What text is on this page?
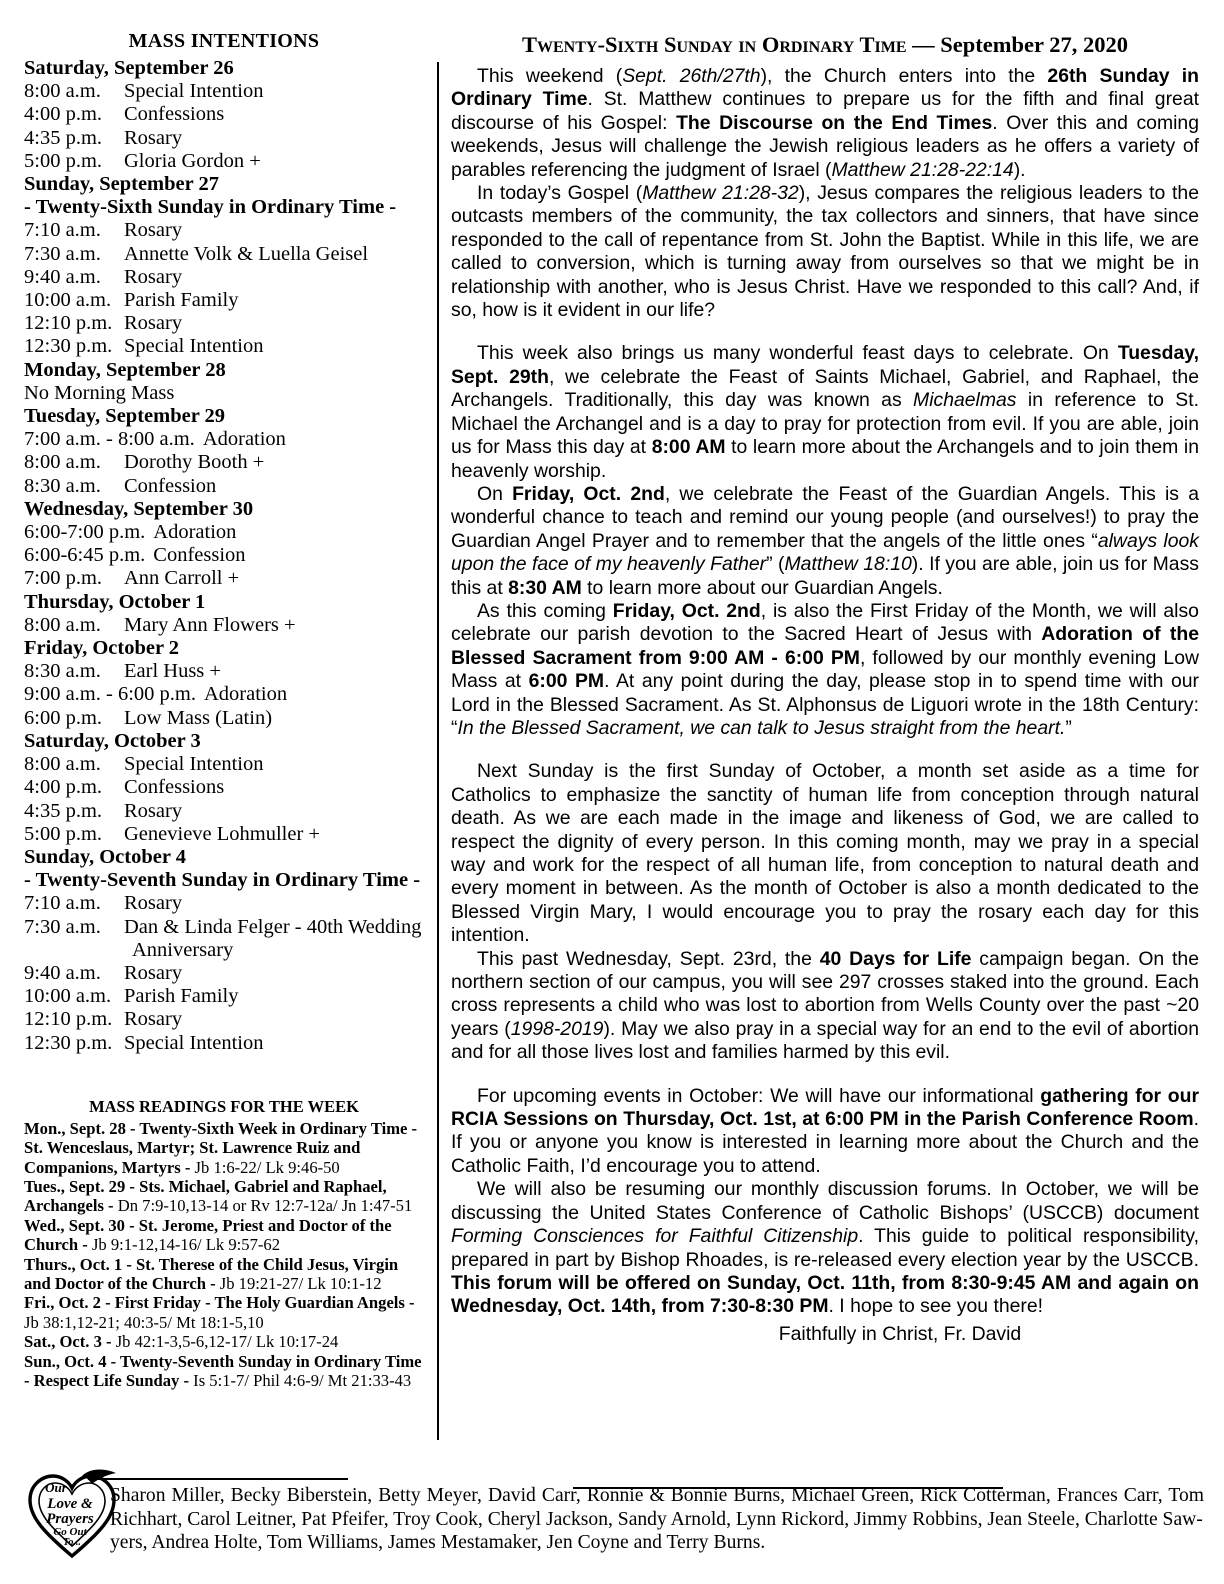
MASS INTENTIONS
Saturday, September 26
8:00 a.m. Special Intention
4:00 p.m. Confessions
4:35 p.m. Rosary
5:00 p.m. Gloria Gordon +
Sunday, September 27
- Twenty-Sixth Sunday in Ordinary Time -
7:10 a.m. Rosary
7:30 a.m. Annette Volk & Luella Geisel
9:40 a.m. Rosary
10:00 a.m. Parish Family
12:10 p.m. Rosary
12:30 p.m. Special Intention
Monday, September 28
No Morning Mass
Tuesday, September 29
7:00 a.m. - 8:00 a.m. Adoration
8:00 a.m. Dorothy Booth +
8:30 a.m. Confession
Wednesday, September 30
6:00-7:00 p.m. Adoration
6:00-6:45 p.m. Confession
7:00 p.m. Ann Carroll +
Thursday, October 1
8:00 a.m. Mary Ann Flowers +
Friday, October 2
8:30 a.m. Earl Huss +
9:00 a.m. - 6:00 p.m. Adoration
6:00 p.m. Low Mass (Latin)
Saturday, October 3
8:00 a.m. Special Intention
4:00 p.m. Confessions
4:35 p.m. Rosary
5:00 p.m. Genevieve Lohmuller +
Sunday, October 4
- Twenty-Seventh Sunday in Ordinary Time -
7:10 a.m. Rosary
7:30 a.m. Dan & Linda Felger - 40th Wedding
Anniversary
9:40 a.m. Rosary
10:00 a.m. Parish Family
12:10 p.m. Rosary
12:30 p.m. Special Intention
MASS READINGS FOR THE WEEK

Mon., Sept. 28 - Twenty-Sixth Week in Ordinary Time - St. Wenceslaus, Martyr; St. Lawrence Ruiz and Companions, Martyrs - Jb 1:6-22/ Lk 9:46-50

Tues., Sept. 29 - Sts. Michael, Gabriel and Raphael, Archangels - Dn 7:9-10,13-14 or Rv 12:7-12a/ Jn 1:47-51

Wed., Sept. 30 - St. Jerome, Priest and Doctor of the Church - Jb 9:1-12,14-16/ Lk 9:57-62

Thurs., Oct. 1 - St. Therese of the Child Jesus, Virgin and Doctor of the Church - Jb 19:21-27/ Lk 10:1-12

Fri., Oct. 2 - First Friday - The Holy Guardian Angels - Jb 38:1,12-21; 40:3-5/ Mt 18:1-5,10

Sat., Oct. 3 - Jb 42:1-3,5-6,12-17/ Lk 10:17-24

Sun., Oct. 4 - Twenty-Seventh Sunday in Ordinary Time - Respect Life Sunday - Is 5:1-7/ Phil 4:6-9/ Mt 21:33-43

Twenty-Sixth Sunday in Ordinary Time — September 27, 2020

This weekend (Sept. 26th/27th), the Church enters into the 26th Sunday in Ordinary Time. St. Matthew continues to prepare us for the fifth and final great discourse of his Gospel: The Discourse on the End Times. Over this and coming weekends, Jesus will challenge the Jewish religious leaders as he offers a variety of parables referencing the judgment of Israel (Matthew 21:28-22:14).

In today’s Gospel (Matthew 21:28-32), Jesus compares the religious leaders to the outcasts members of the community, the tax collectors and sinners, that have since responded to the call of repentance from St. John the Baptist. While in this life, we are called to conversion, which is turning away from ourselves so that we might be in relationship with another, who is Jesus Christ. Have we responded to this call? And, if so, how is it evident in our life?

This week also brings us many wonderful feast days to celebrate. On Tuesday, Sept. 29th, we celebrate the Feast of Saints Michael, Gabriel, and Raphael, the Archangels. Traditionally, this day was known as Michaelmas in reference to St. Michael the Archangel and is a day to pray for protection from evil. If you are able, join us for Mass this day at 8:00 AM to learn more about the Archangels and to join them in heavenly worship.

On Friday, Oct. 2nd, we celebrate the Feast of the Guardian Angels. This is a wonderful chance to teach and remind our young people (and ourselves!) to pray the Guardian Angel Prayer and to remember that the angels of the little ones “always look upon the face of my heavenly Father” (Matthew 18:10). If you are able, join us for Mass this at 8:30 AM to learn more about our Guardian Angels.

As this coming Friday, Oct. 2nd, is also the First Friday of the Month, we will also celebrate our parish devotion to the Sacred Heart of Jesus with Adoration of the Blessed Sacrament from 9:00 AM - 6:00 PM, followed by our monthly evening Low Mass at 6:00 PM. At any point during the day, please stop in to spend time with our Lord in the Blessed Sacrament. As St. Alphonsus de Liguori wrote in the 18th Century: “In the Blessed Sacrament, we can talk to Jesus straight from the heart.”

Next Sunday is the first Sunday of October, a month set aside as a time for Catholics to emphasize the sanctity of human life from conception through natural death. As we are each made in the image and likeness of God, we are called to respect the dignity of every person. In this coming month, may we pray in a special way and work for the respect of all human life, from conception to natural death and every moment in between. As the month of October is also a month dedicated to the Blessed Virgin Mary, I would encourage you to pray the rosary each day for this intention.

This past Wednesday, Sept. 23rd, the 40 Days for Life campaign began. On the northern section of our campus, you will see 297 crosses staked into the ground. Each cross represents a child who was lost to abortion from Wells County over the past ~20 years (1998-2019). May we also pray in a special way for an end to the evil of abortion and for all those lives lost and families harmed by this evil.

For upcoming events in October: We will have our informational gathering for our RCIA Sessions on Thursday, Oct. 1st, at 6:00 PM in the Parish Conference Room. If you or anyone you know is interested in learning more about the Church and the Catholic Faith, I’d encourage you to attend.

We will also be resuming our monthly discussion forums. In October, we will be discussing the United States Conference of Catholic Bishops’ (USCCB) document Forming Consciences for Faithful Citizenship. This guide to political responsibility, prepared in part by Bishop Rhoades, is re-released every election year by the USCCB. This forum will be offered on Sunday, Oct. 11th, from 8:30-9:45 AM and again on Wednesday, Oct. 14th, from 7:30-8:30 PM. I hope to see you there!

Faithfully in Christ, Fr. David
Our
Love &
Prayers
Go Out
To...
Sharon Miller, Becky Biberstein, Betty Meyer, David Carr, Ronnie & Bonnie Burns, Michael Green, Rick Cotterman, Frances Carr, Tom Richhart, Carol Leitner, Pat Pfeifer, Troy Cook, Cheryl Jackson, Sandy Arnold, Lynn Rickord, Jimmy Robbins, Jean Steele, Charlotte Saw-
yers, Andrea Holte, Tom Williams, James Mestamaker, Jen Coyne and Terry Burns.
